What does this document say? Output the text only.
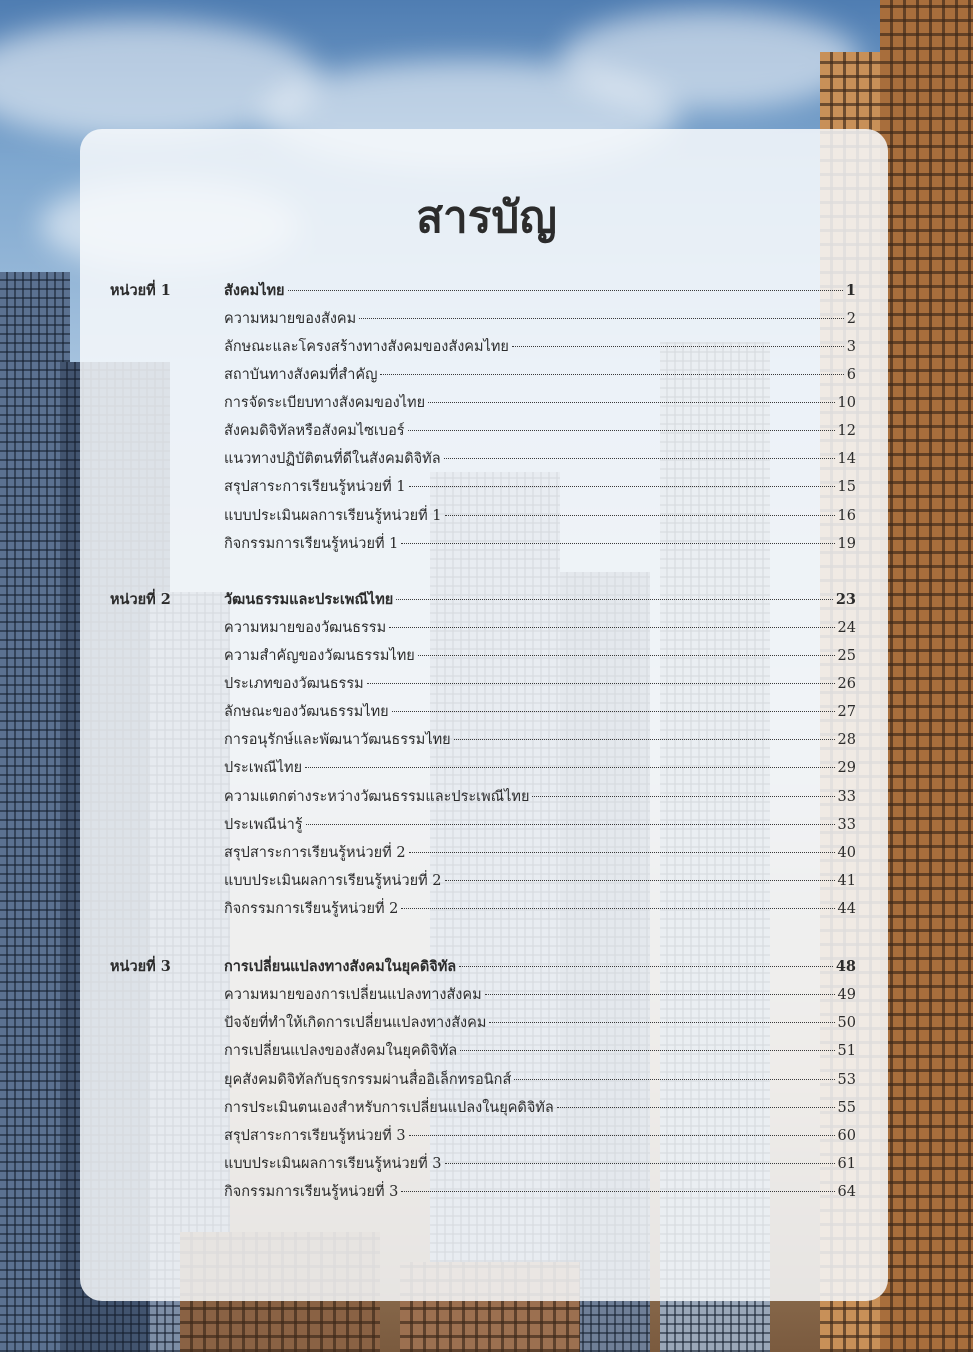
สารบัญ
หน่วยที่ 1	สังคมไทย	1
ความหมายของสังคม	2
ลักษณะและโครงสร้างทางสังคมของสังคมไทย	3
สถาบันทางสังคมที่สำคัญ	6
การจัดระเบียบทางสังคมของไทย	10
สังคมดิจิทัลหรือสังคมไซเบอร์	12
แนวทางปฏิบัติตนที่ดีในสังคมดิจิทัล	14
สรุปสาระการเรียนรู้หน่วยที่ 1	15
แบบประเมินผลการเรียนรู้หน่วยที่ 1	16
กิจกรรมการเรียนรู้หน่วยที่ 1	19
หน่วยที่ 2	วัฒนธรรมและประเพณีไทย	23
ความหมายของวัฒนธรรม	24
ความสำคัญของวัฒนธรรมไทย	25
ประเภทของวัฒนธรรม	26
ลักษณะของวัฒนธรรมไทย	27
การอนุรักษ์และพัฒนาวัฒนธรรมไทย	28
ประเพณีไทย	29
ความแตกต่างระหว่างวัฒนธรรมและประเพณีไทย	33
ประเพณีน่ารู้	33
สรุปสาระการเรียนรู้หน่วยที่ 2	40
แบบประเมินผลการเรียนรู้หน่วยที่ 2	41
กิจกรรมการเรียนรู้หน่วยที่ 2	44
หน่วยที่ 3	การเปลี่ยนแปลงทางสังคมในยุคดิจิทัล	48
ความหมายของการเปลี่ยนแปลงทางสังคม	49
ปัจจัยที่ทำให้เกิดการเปลี่ยนแปลงทางสังคม	50
การเปลี่ยนแปลงของสังคมในยุคดิจิทัล	51
ยุคสังคมดิจิทัลกับธุรกรรมผ่านสื่ออิเล็กทรอนิกส์	53
การประเมินตนเองสำหรับการเปลี่ยนแปลงในยุคดิจิทัล	55
สรุปสาระการเรียนรู้หน่วยที่ 3	60
แบบประเมินผลการเรียนรู้หน่วยที่ 3	61
กิจกรรมการเรียนรู้หน่วยที่ 3	64
